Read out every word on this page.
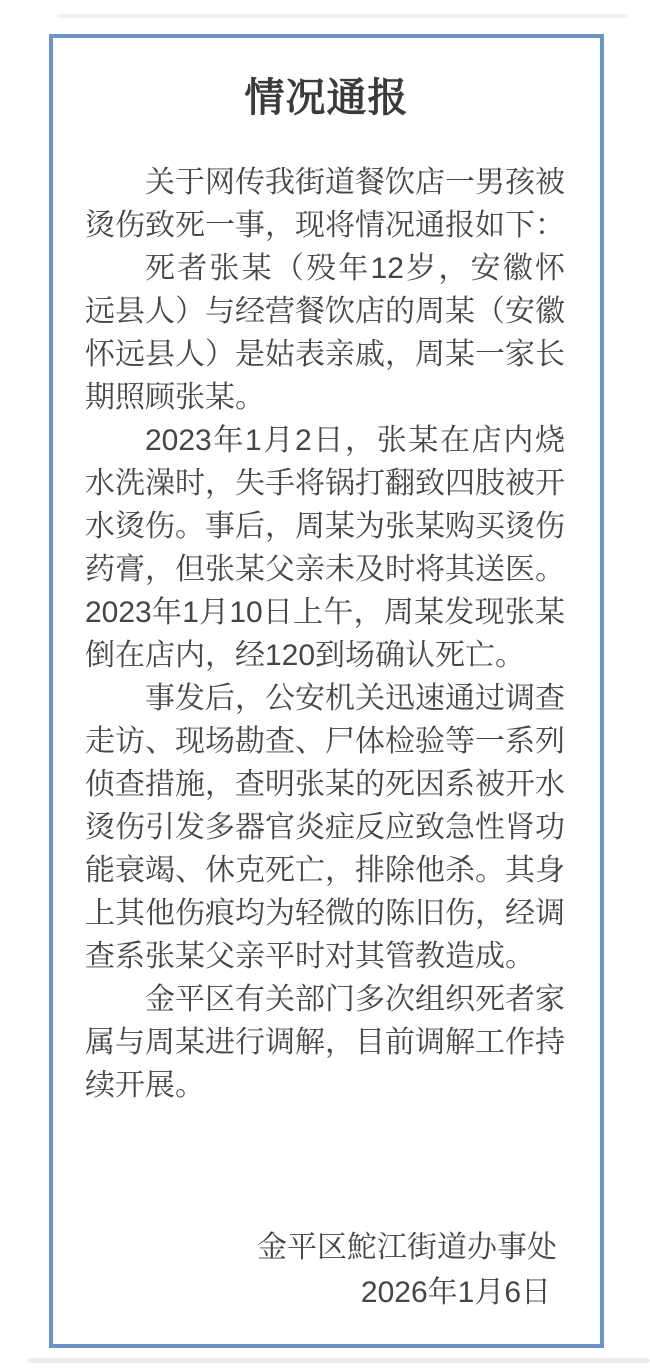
情况通报

关于网传我街道餐饮店一男孩被烫伤致死一事，现将情况通报如下：

死者张某（殁年12岁，安徽怀远县人）与经营餐饮店的周某（安徽怀远县人）是姑表亲戚，周某一家长期照顾张某。

2023年1月2日，张某在店内烧水洗澡时，失手将锅打翻致四肢被开水烫伤。事后，周某为张某购买烫伤药膏，但张某父亲未及时将其送医。2023年1月10日上午，周某发现张某倒在店内，经120到场确认死亡。

事发后，公安机关迅速通过调查走访、现场勘查、尸体检验等一系列侦查措施，查明张某的死因系被开水烫伤引发多器官炎症反应致急性肾功能衰竭、休克死亡，排除他杀。其身上其他伤痕均为轻微的陈旧伤，经调查系张某父亲平时对其管教造成。

金平区有关部门多次组织死者家属与周某进行调解，目前调解工作持续开展。

金平区鮀江街道办事处
2026年1月6日
